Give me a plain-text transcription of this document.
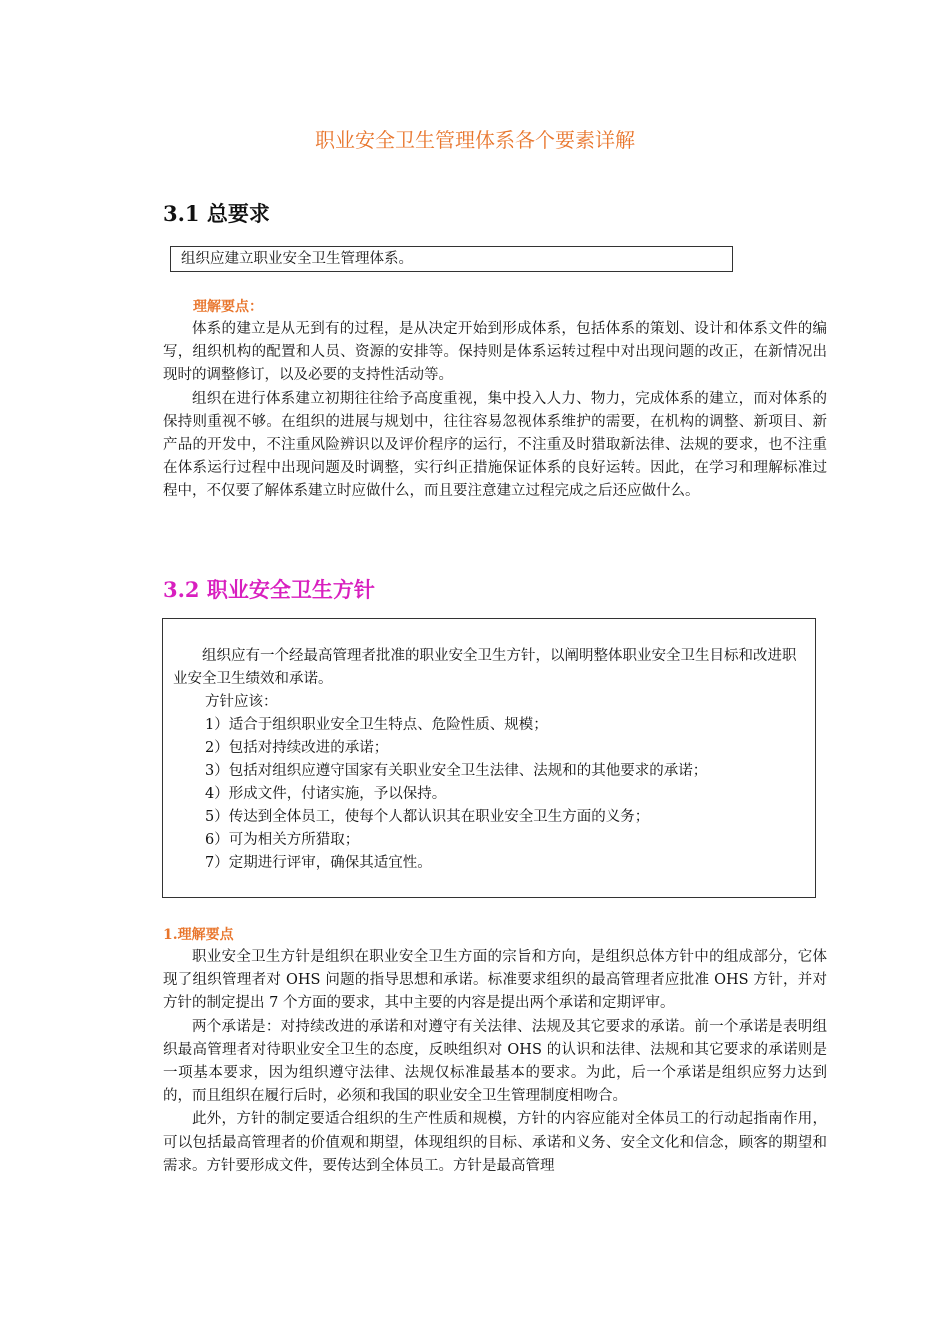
职业安全卫生管理体系各个要素详解
3.1 总要求
组织应建立职业安全卫生管理体系。
理解要点：

体系的建立是从无到有的过程，是从决定开始到形成体系，包括体系的策划、设计和体系文件的编写，组织机构的配置和人员、资源的安排等。保持则是体系运转过程中对出现问题的改正，在新情况出现时的调整修订，以及必要的支持性活动等。

组织在进行体系建立初期往往给予高度重视，集中投入人力、物力，完成体系的建立，而对体系的保持则重视不够。在组织的进展与规划中，往往容易忽视体系维护的需要，在机构的调整、新项目、新产品的开发中，不注重风险辨识以及评价程序的运行，不注重及时猎取新法律、法规的要求，也不注重在体系运行过程中出现问题及时调整，实行纠正措施保证体系的良好运转。因此，在学习和理解标准过程中，不仅要了解体系建立时应做什么，而且要注意建立过程完成之后还应做什么。

3.2 职业安全卫生方针

组织应有一个经最高管理者批准的职业安全卫生方针，以阐明整体职业安全卫生目标和改进职业安全卫生绩效和承诺。

方针应该：

1）适合于组织职业安全卫生特点、危险性质、规模；

2）包括对持续改进的承诺；

3）包括对组织应遵守国家有关职业安全卫生法律、法规和的其他要求的承诺；

4）形成文件，付诸实施，予以保持。

5）传达到全体员工，使每个人都认识其在职业安全卫生方面的义务；

6）可为相关方所猎取；

7）定期进行评审，确保其适宜性。

1.理解要点

职业安全卫生方针是组织在职业安全卫生方面的宗旨和方向，是组织总体方针中的组成部分，它体现了组织管理者对 OHS 问题的指导思想和承诺。标准要求组织的最高管理者应批准 OHS 方针，并对方针的制定提出 7 个方面的要求，其中主要的内容是提出两个承诺和定期评审。

两个承诺是：对持续改进的承诺和对遵守有关法律、法规及其它要求的承诺。前一个承诺是表明组织最高管理者对待职业安全卫生的态度，反映组织对 OHS 的认识和法律、法规和其它要求的承诺则是一项基本要求，因为组织遵守法律、法规仅标准最基本的要求。为此，后一个承诺是组织应努力达到的，而且组织在履行后时，必须和我国的职业安全卫生管理制度相吻合。

此外，方针的制定要适合组织的生产性质和规模，方针的内容应能对全体员工的行动起指南作用，可以包括最高管理者的价值观和期望，体现组织的目标、承诺和义务、安全文化和信念，顾客的期望和需求。方针要形成文件，要传达到全体员工。方针是最高管理
